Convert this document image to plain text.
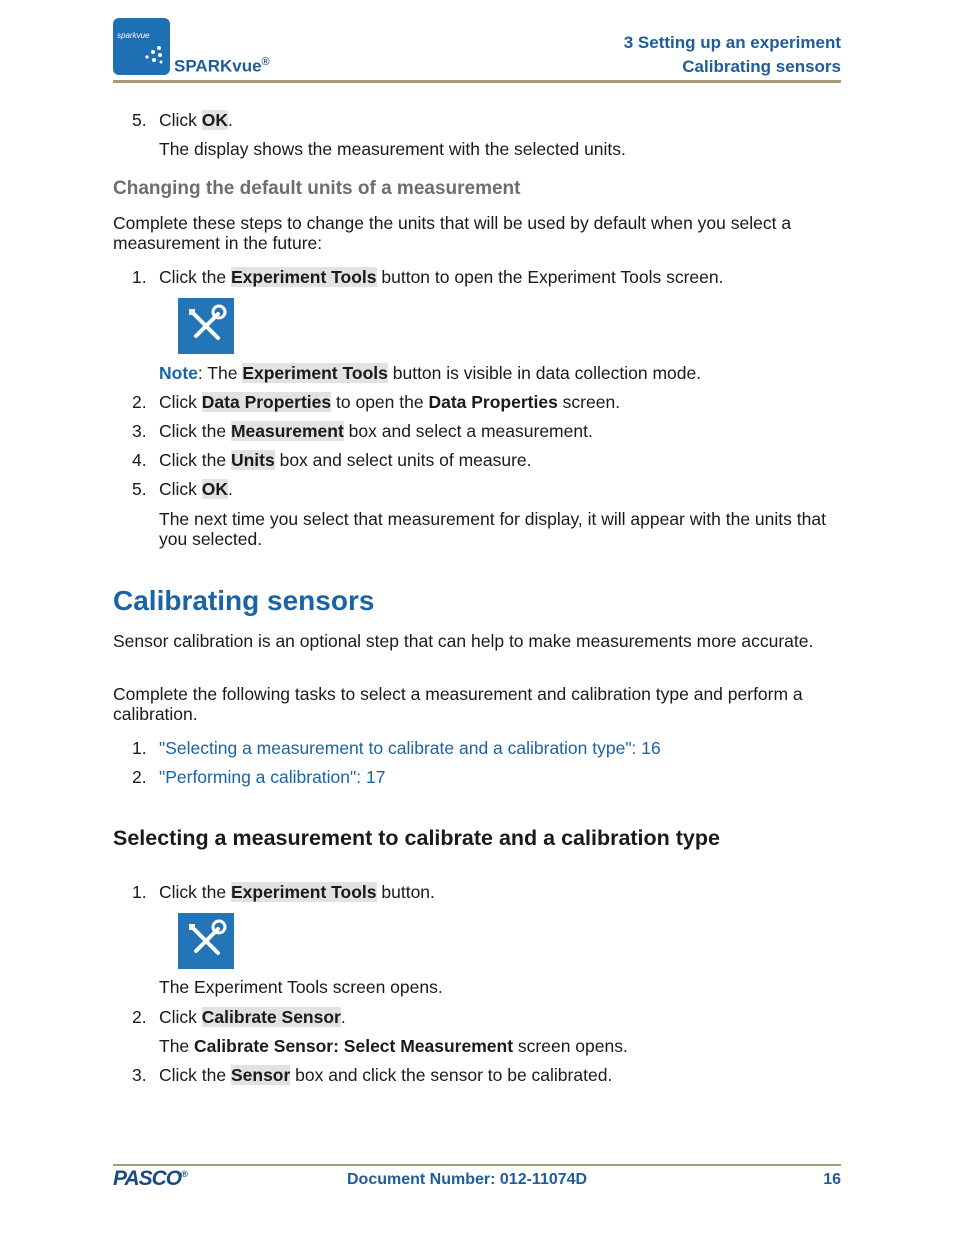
sparkvue
SPARKvue®
3 Setting up an experiment
Calibrating sensors
5. Click OK.
The display shows the measurement with the selected units.
Changing the default units of a measurement
Complete these steps to change the units that will be used by default when you select a measurement in the future:
1. Click the Experiment Tools button to open the Experiment Tools screen.
Note: The Experiment Tools button is visible in data collection mode.
2. Click Data Properties to open the Data Properties screen.
3. Click the Measurement box and select a measurement.
4. Click the Units box and select units of measure.
5. Click OK.
The next time you select that measurement for display, it will appear with the units that you selected.
Calibrating sensors
Sensor calibration is an optional step that can help to make measurements more accurate.
Complete the following tasks to select a measurement and calibration type and perform a calibration.
1. "Selecting a measurement to calibrate and a calibration type": 16
2. "Performing a calibration": 17
Selecting a measurement to calibrate and a calibration type
1. Click the Experiment Tools button.
The Experiment Tools screen opens.
2. Click Calibrate Sensor.
The Calibrate Sensor: Select Measurement screen opens.
3. Click the Sensor box and click the sensor to be calibrated.
PASCO®	Document Number: 012-11074D	16
